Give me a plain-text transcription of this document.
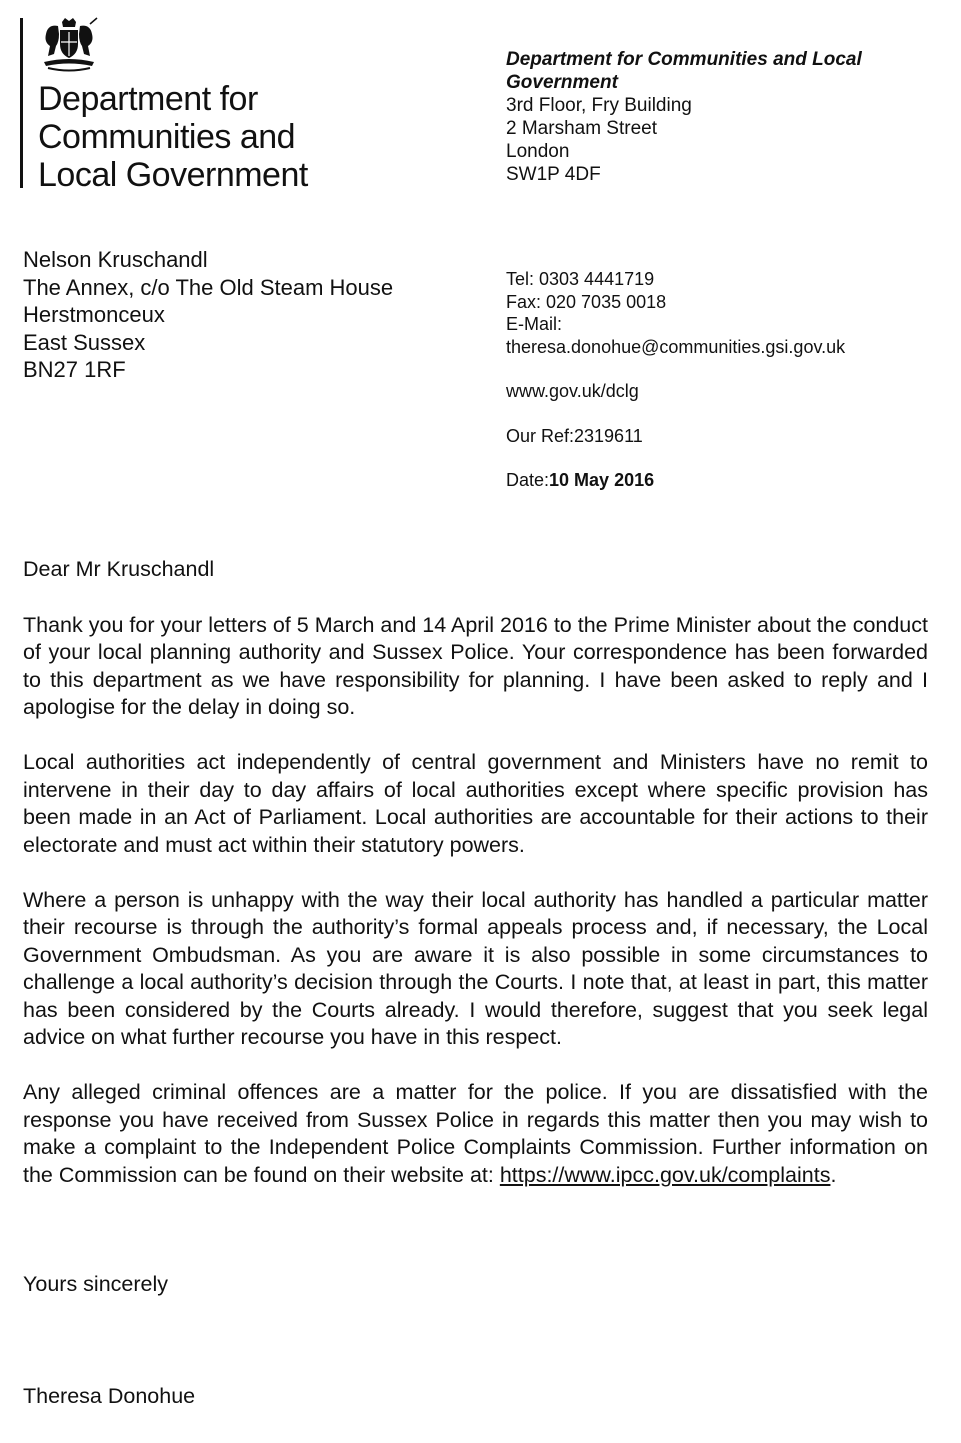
Department for
Communities and
Local Government
Department for Communities and Local
Government
3rd Floor, Fry Building
2 Marsham Street
London
SW1P 4DF
Nelson Kruschandl
The Annex, c/o The Old Steam House
Herstmonceux
East Sussex
BN27 1RF
Tel: 0303 4441719
Fax: 020 7035 0018
E-Mail:
theresa.donohue@communities.gsi.gov.uk
www.gov.uk/dclg
Our Ref:2319611
Date:10 May 2016

Dear Mr Kruschandl

Thank you for your letters of 5 March and 14 April 2016 to the Prime Minister about the conduct of your local planning authority and Sussex Police. Your correspondence has been forwarded to this department as we have responsibility for planning. I have been asked to reply and I apologise for the delay in doing so.

Local authorities act independently of central government and Ministers have no remit to intervene in their day to day affairs of local authorities except where specific provision has been made in an Act of Parliament. Local authorities are accountable for their actions to their electorate and must act within their statutory powers.

Where a person is unhappy with the way their local authority has handled a particular matter their recourse is through the authority’s formal appeals process and, if necessary, the Local Government Ombudsman. As you are aware it is also possible in some circumstances to challenge a local authority’s decision through the Courts. I note that, at least in part, this matter has been considered by the Courts already. I would therefore, suggest that you seek legal advice on what further recourse you have in this respect.

Any alleged criminal offences are a matter for the police. If you are dissatisfied with the response you have received from Sussex Police in regards this matter then you may wish to make a complaint to the Independent Police Complaints Commission. Further information on the Commission can be found on their website at: https://www.ipcc.gov.uk/complaints.

Yours sincerely
Theresa Donohue
